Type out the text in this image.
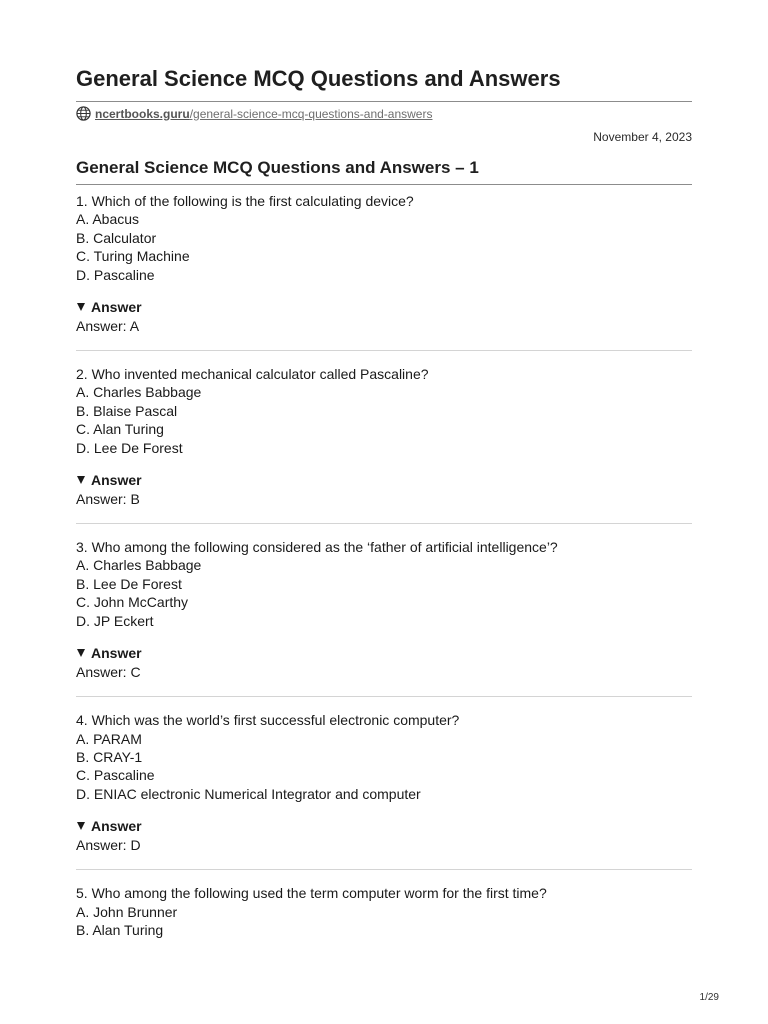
General Science MCQ Questions and Answers
ncertbooks.guru /general-science-mcq-questions-and-answers
November 4, 2023
General Science MCQ Questions and Answers – 1
1. Which of the following is the first calculating device?
A. Abacus
B. Calculator
C. Turing Machine
D. Pascaline
Answer
Answer: A
2. Who invented mechanical calculator called Pascaline?
A. Charles Babbage
B. Blaise Pascal
C. Alan Turing
D. Lee De Forest
Answer
Answer: B
3. Who among the following considered as the ‘father of artificial intelligence’?
A. Charles Babbage
B. Lee De Forest
C. John McCarthy
D. JP Eckert
Answer
Answer: C
4. Which was the world’s first successful electronic computer?
A. PARAM
B. CRAY-1
C. Pascaline
D. ENIAC electronic Numerical Integrator and computer
Answer
Answer: D
5. Who among the following used the term computer worm for the first time?
A. John Brunner
B. Alan Turing
1/29
